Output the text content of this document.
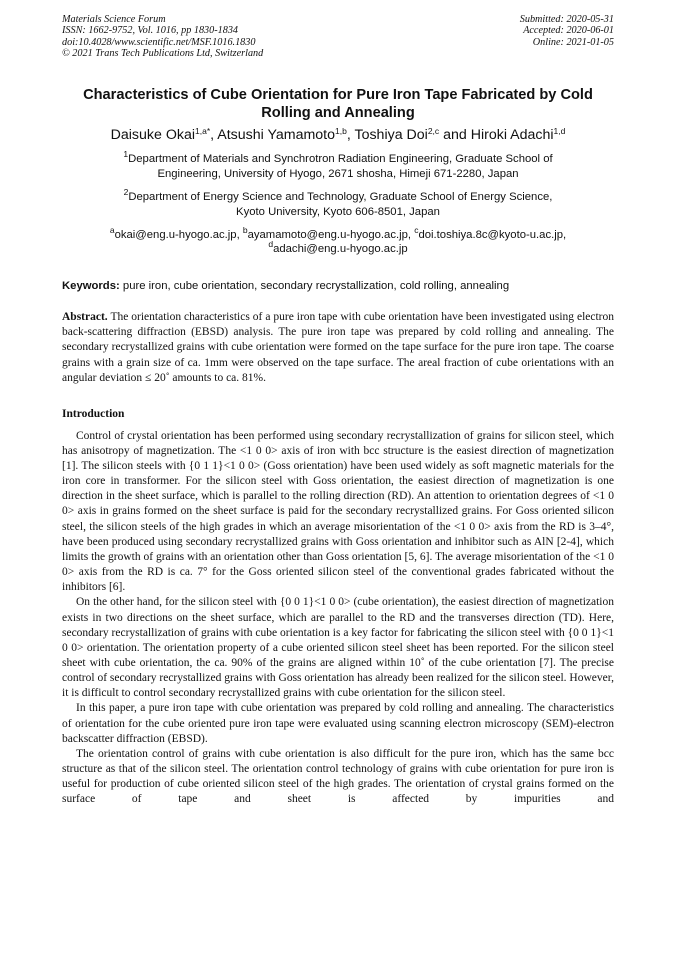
Materials Science Forum
ISSN: 1662-9752, Vol. 1016, pp 1830-1834
doi:10.4028/www.scientific.net/MSF.1016.1830
© 2021 Trans Tech Publications Ltd, Switzerland
Submitted: 2020-05-31
Accepted: 2020-06-01
Online: 2021-01-05
Characteristics of Cube Orientation for Pure Iron Tape Fabricated by Cold Rolling and Annealing
Daisuke Okai$^{1,a*}$, Atsushi Yamamoto$^{1,b}$, Toshiya Doi$^{2,c}$ and Hiroki Adachi$^{1,d}$
$^1$Department of Materials and Synchrotron Radiation Engineering, Graduate School of
Engineering, University of Hyogo, 2671 shosha, Himeji 671-2280, Japan
$^2$Department of Energy Science and Technology, Graduate School of Energy Science,
Kyoto University, Kyoto 606-8501, Japan
$^a$okai@eng.u-hyogo.ac.jp, $^b$ayamamoto@eng.u-hyogo.ac.jp, $^c$doi.toshiya.8c@kyoto-u.ac.jp,
$^d$adachi@eng.u-hyogo.ac.jp
Keywords: pure iron, cube orientation, secondary recrystallization, cold rolling, annealing
Abstract. The orientation characteristics of a pure iron tape with cube orientation have been investigated using electron back-scattering diffraction (EBSD) analysis. The pure iron tape was prepared by cold rolling and annealing. The secondary recrystallized grains with cube orientation were formed on the tape surface for the pure iron tape. The coarse grains with a grain size of ca. 1mm were observed on the tape surface. The areal fraction of cube orientations with an angular deviation ≤ 20˚ amounts to ca. 81%.
Introduction

Control of crystal orientation has been performed using secondary recrystallization of grains for silicon steel, which has anisotropy of magnetization. The <1 0 0> axis of iron with bcc structure is the easiest direction of magnetization [1]. The silicon steels with {0 1 1}<1 0 0> (Goss orientation) have been used widely as soft magnetic materials for the iron core in transformer. For the silicon steel with Goss orientation, the easiest direction of magnetization is one direction in the sheet surface, which is parallel to the rolling direction (RD). An attention to orientation degrees of <1 0 0> axis in grains formed on the sheet surface is paid for the secondary recrystallized grains. For Goss oriented silicon steel, the silicon steels of the high grades in which an average misorientation of the <1 0 0> axis from the RD is 3–4°, have been produced using secondary recrystallized grains with Goss orientation and inhibitor such as AlN [2-4], which limits the growth of grains with an orientation other than Goss orientation [5, 6]. The average misorientation of the <1 0 0> axis from the RD is ca. 7° for the Goss oriented silicon steel of the conventional grades fabricated without the inhibitors [6].

On the other hand, for the silicon steel with {0 0 1}<1 0 0> (cube orientation), the easiest direction of magnetization exists in two directions on the sheet surface, which are parallel to the RD and the transverses direction (TD). Here, secondary recrystallization of grains with cube orientation is a key factor for fabricating the silicon steel with {0 0 1}<1 0 0> orientation. The orientation property of a cube oriented silicon steel sheet has been reported. For the silicon steel sheet with cube orientation, the ca. 90% of the grains are aligned within 10˚ of the cube orientation [7]. The precise control of secondary recrystallized grains with Goss orientation has already been realized for the silicon steel. However, it is difficult to control secondary recrystallized grains with cube orientation for the silicon steel.

In this paper, a pure iron tape with cube orientation was prepared by cold rolling and annealing. The characteristics of orientation for the cube oriented pure iron tape were evaluated using scanning electron microscopy (SEM)-electron backscatter diffraction (EBSD).

The orientation control of grains with cube orientation is also difficult for the pure iron, which has the same bcc structure as that of the silicon steel. The orientation control technology of grains with cube orientation for pure iron is useful for production of cube oriented silicon steel of the high grades. The orientation of crystal grains formed on the surface of tape and sheet is affected by impurities and
